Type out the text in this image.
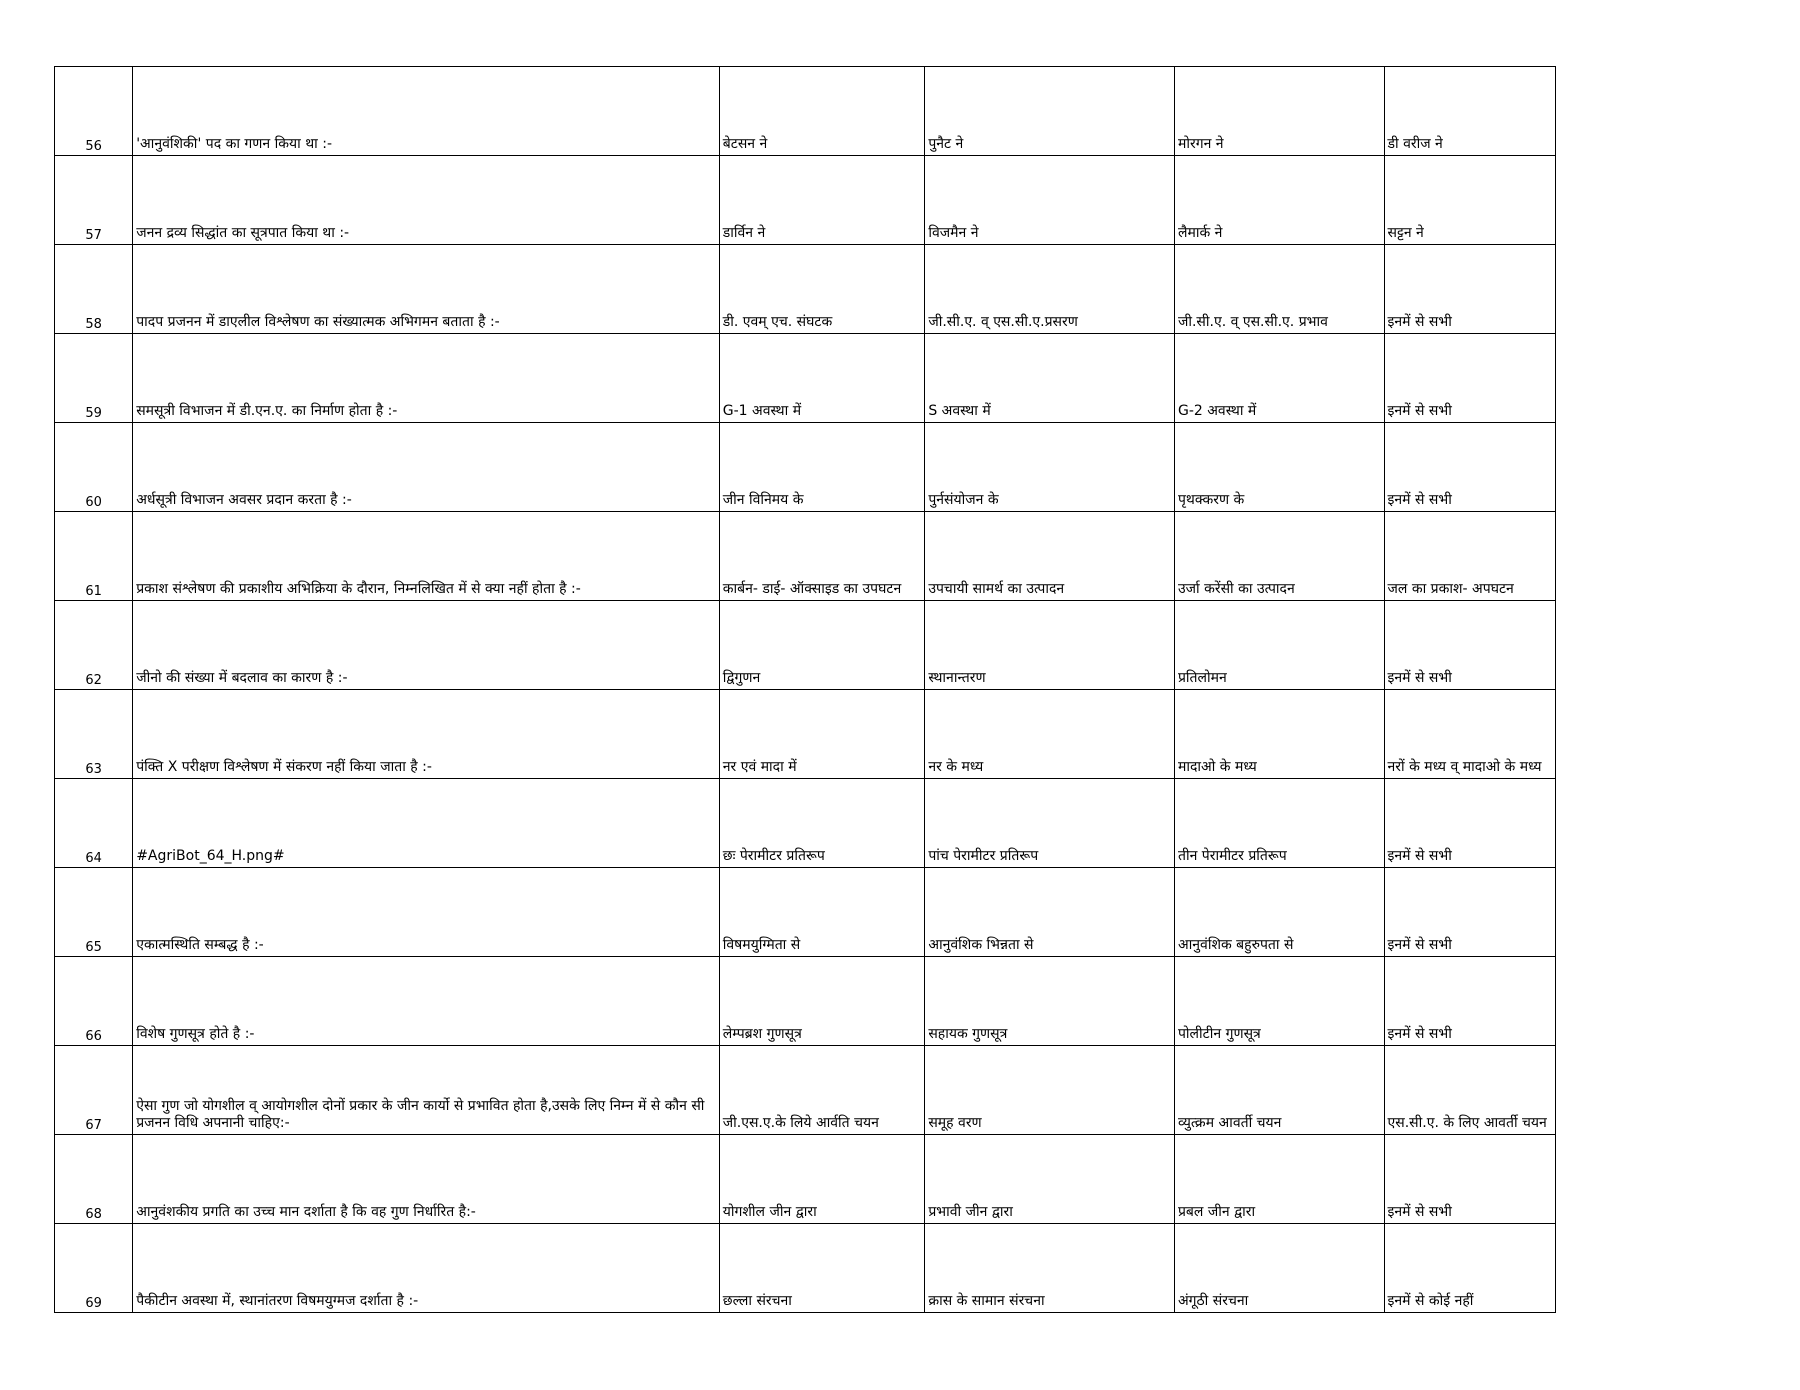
56	'आनुवंशिकी' पद का गणन किया था :-	बेटसन ने	पुनैट ने	मोरगन ने	डी वरीज ने
57	जनन द्रव्य सिद्धांत का सूत्रपात किया था :-	डार्विन ने	विजमैन ने	लैमार्क ने	सट्टन ने
58	पादप प्रजनन में डाएलील विश्लेषण का संख्यात्मक अभिगमन बताता है :-	डी. एवम् एच. संघटक	जी.सी.ए. व् एस.सी.ए.प्रसरण	जी.सी.ए. व् एस.सी.ए. प्रभाव	इनमें से सभी
59	समसूत्री विभाजन में डी.एन.ए. का निर्माण होता है :-	G-1 अवस्था में	S अवस्था में	G-2 अवस्था में	इनमें से सभी
60	अर्धसूत्री विभाजन अवसर प्रदान करता है :-	जीन विनिमय के	पुर्नसंयोजन के	पृथक्करण के	इनमें से सभी
61	प्रकाश संश्लेषण की प्रकाशीय अभिक्रिया के दौरान, निम्नलिखित में से क्या नहीं होता है :-	कार्बन- डाई- ऑक्साइड का उपघटन	उपचायी सामर्थ का उत्पादन	उर्जा करेंसी का उत्पादन	जल का प्रकाश- अपघटन
62	जीनो की संख्या में बदलाव का कारण है :-	द्विगुणन	स्थानान्तरण	प्रतिलोमन	इनमें से सभी
63	पंक्ति X परीक्षण विश्लेषण में संकरण नहीं किया जाता है :-	नर एवं मादा में	नर के मध्य	मादाओ के मध्य	नरों के मध्य व् मादाओ के मध्य
64	#AgriBot_64_H.png#	छः पेरामीटर प्रतिरूप	पांच पेरामीटर प्रतिरूप	तीन पेरामीटर प्रतिरूप	इनमें से सभी
65	एकात्मस्थिति सम्बद्ध है :-	विषमयुग्मिता से	आनुवंशिक भिन्नता से	आनुवंशिक बहुरुपता से	इनमें से सभी
66	विशेष गुणसूत्र होते है :-	लेम्पब्रश गुणसूत्र	सहायक गुणसूत्र	पोलीटीन गुणसूत्र	इनमें से सभी
67	ऐसा गुण जो योगशील व् आयोगशील दोनों प्रकार के जीन कार्यो से प्रभावित होता है,उसके लिए निम्न में से कौन सी प्रजनन विधि अपनानी चाहिए:-	जी.एस.ए.के लिये आर्वति चयन	समूह वरण	व्युत्क्रम आवर्ती चयन	एस.सी.ए. के लिए आवर्ती चयन
68	आनुवंशकीय प्रगति का उच्च मान दर्शाता है कि वह गुण निर्धारित है:-	योगशील जीन द्वारा	प्रभावी जीन द्वारा	प्रबल जीन द्वारा	इनमें से सभी
69	पैकीटीन अवस्था में, स्थानांतरण विषमयुग्मज दर्शाता है :-	छल्ला संरचना	क्रास के सामान संरचना	अंगूठी संरचना	इनमें से कोई नहीं
